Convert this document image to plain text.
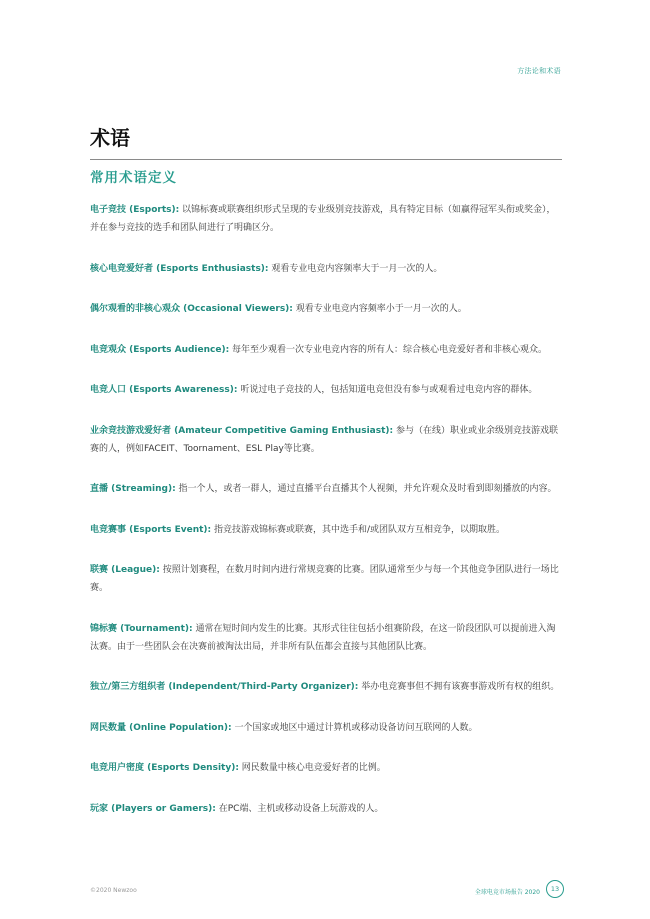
方法论和术语
术语
常用术语定义

电子竞技 (Esports): 以锦标赛或联赛组织形式呈现的专业级别竞技游戏，具有特定目标（如赢得冠军头衔或奖金），并在参与竞技的选手和团队间进行了明确区分。

核心电竞爱好者 (Esports Enthusiasts): 观看专业电竞内容频率大于一月一次的人。

偶尔观看的非核心观众 (Occasional Viewers): 观看专业电竞内容频率小于一月一次的人。

电竞观众 (Esports Audience): 每年至少观看一次专业电竞内容的所有人：综合核心电竞爱好者和非核心观众。

电竞人口 (Esports Awareness): 听说过电子竞技的人，包括知道电竞但没有参与或观看过电竞内容的群体。

业余竞技游戏爱好者 (Amateur Competitive Gaming Enthusiast): 参与（在线）职业或业余级别竞技游戏联赛的人，例如FACEIT、Toornament、ESL Play等比赛。

直播 (Streaming): 指一个人，或者一群人，通过直播平台直播其个人视频，并允许观众及时看到即刻播放的内容。

电竞赛事 (Esports Event): 指竞技游戏锦标赛或联赛，其中选手和/或团队双方互相竞争，以期取胜。

联赛 (League): 按照计划赛程，在数月时间内进行常规竞赛的比赛。团队通常至少与每一个其他竞争团队进行一场比赛。

锦标赛 (Tournament): 通常在短时间内发生的比赛。其形式往往包括小组赛阶段，在这一阶段团队可以提前进入淘汰赛。由于一些团队会在决赛前被淘汰出局，并非所有队伍都会直接与其他团队比赛。

独立/第三方组织者 (Independent/Third-Party Organizer): 举办电竞赛事但不拥有该赛事游戏所有权的组织。

网民数量 (Online Population): 一个国家或地区中通过计算机或移动设备访问互联网的人数。

电竞用户密度 (Esports Density): 网民数量中核心电竞爱好者的比例。

玩家 (Players or Gamers): 在PC端、主机或移动设备上玩游戏的人。

©2020 Newzoo	全球电竞市场报告 2020	13
